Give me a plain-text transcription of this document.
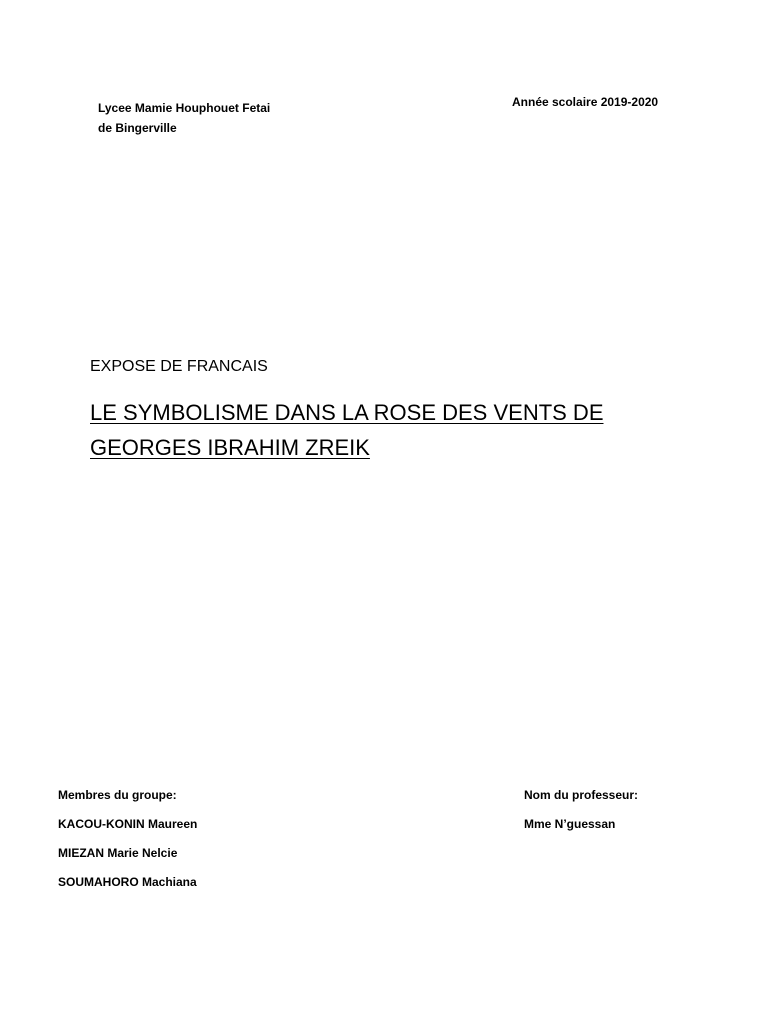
Lycee Mamie Houphouet Fetai
de Bingerville
Année scolaire 2019-2020
EXPOSE DE FRANCAIS
LE SYMBOLISME DANS LA ROSE DES VENTS DE
GEORGES IBRAHIM ZREIK
Membres du groupe:
KACOU-KONIN Maureen
MIEZAN Marie Nelcie
SOUMAHORO Machiana
Nom du professeur:
Mme N’guessan
